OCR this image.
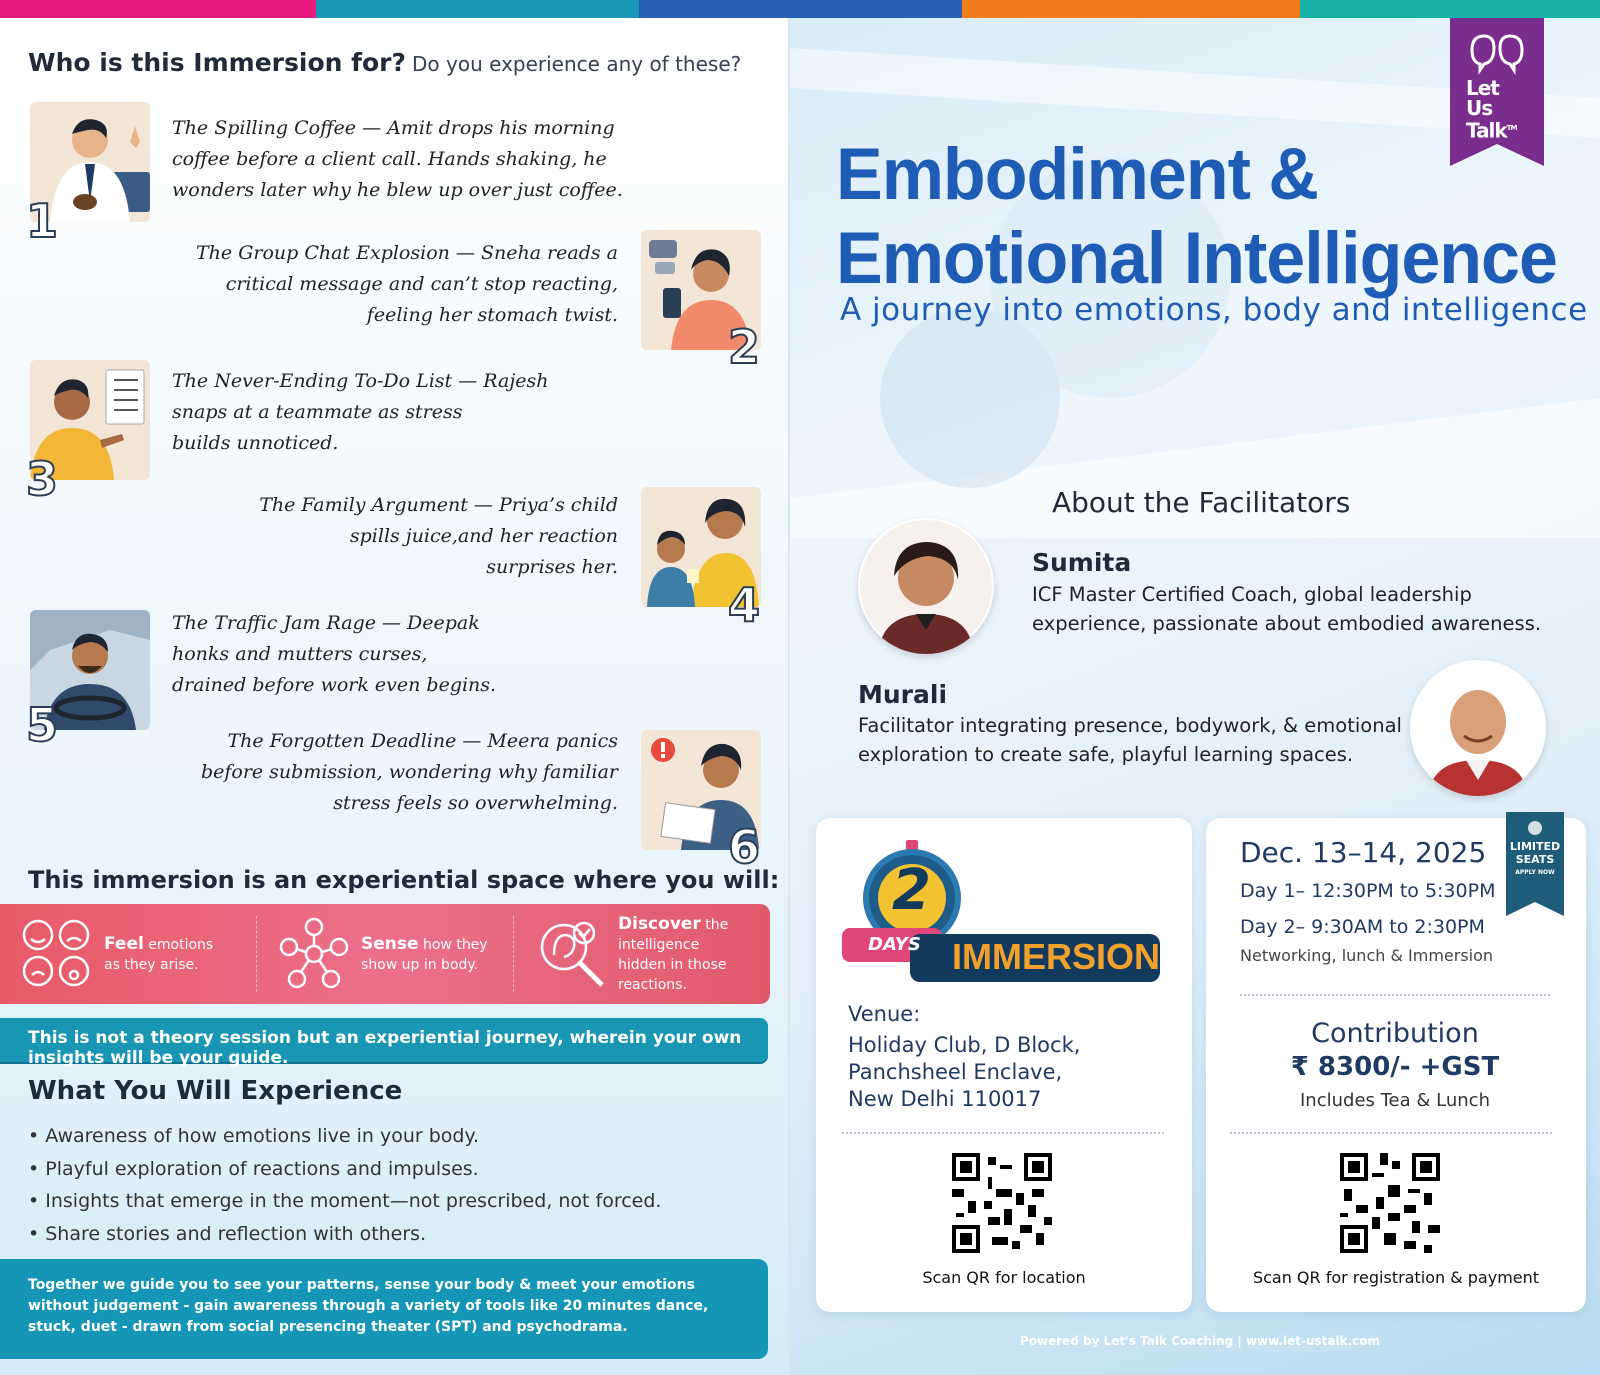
Who is this Immersion for? Do you experience any of these?
1
The Spilling Coffee — Amit drops his morning
coffee before a client call. Hands shaking, he
wonders later why he blew up over just coffee.
2
The Group Chat Explosion — Sneha reads a
critical message and can’t stop reacting,
feeling her stomach twist.
3
The Never-Ending To-Do List — Rajesh
snaps at a teammate as stress
builds unnoticed.
4
The Family Argument — Priya’s child
spills juice,and her reaction
surprises her.
5
The Traffic Jam Rage — Deepak
honks and mutters curses,
drained before work even begins.
6
The Forgotten Deadline — Meera panics
before submission, wondering why familiar
stress feels so overwhelming.
This immersion is an experiential space where you will:
Feel emotions
as they arise.
Sense how they
show up in body.
Discover the intelligence
hidden in those reactions.
This is not a theory session but an experiential journey, wherein your own insights will be your guide.
What You Will Experience
• Awareness of how emotions live in your body.
• Playful exploration of reactions and impulses.
• Insights that emerge in the moment—not prescribed, not forced.
• Share stories and reflection with others.
Together we guide you to see your patterns, sense your body & meet your emotions without judgement - gain awareness through a variety of tools like 20 minutes dance, stuck, duet - drawn from social presencing theater (SPT) and psychodrama.
Let
Us Talk™
Embodiment &
Emotional Intelligence
A journey into emotions, body and intelligence
About the Facilitators
Sumita
ICF Master Certified Coach, global leadership
experience, passionate about embodied awareness.
Murali
Facilitator integrating presence, bodywork, & emotional
exploration to create safe, playful learning spaces.
2
DAYS IMMERSION
Venue:
Holiday Club, D Block,
Panchsheel Enclave,
New Delhi 110017
Scan QR for location
Dec. 13–14, 2025
Day 1– 12:30PM to 5:30PM
Day 2– 9:30AM to 2:30PM
Networking, lunch & Immersion
LIMITED
SEATS
APPLY NOW
Contribution
₹ 8300/- +GST
Includes Tea & Lunch
Scan QR for registration & payment
Powered by Let's Talk Coaching | www.let-ustalk.com
